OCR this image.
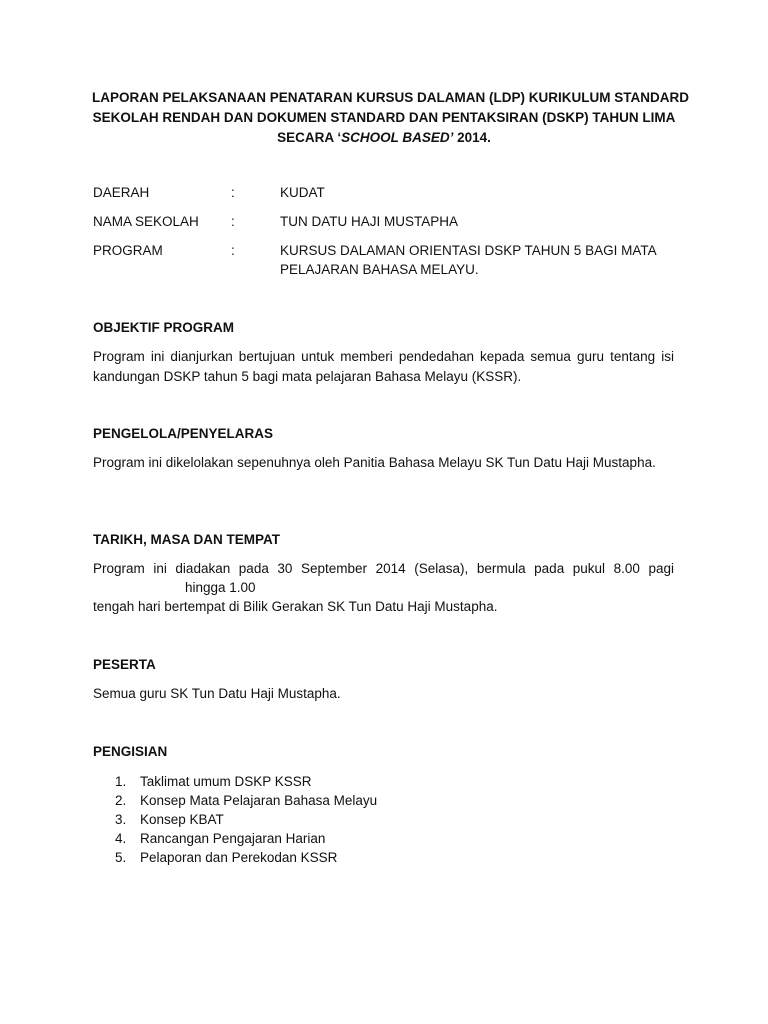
LAPORAN PELAKSANAAN PENATARAN KURSUS DALAMAN (LDP) KURIKULUM STANDARD
SEKOLAH RENDAH DAN DOKUMEN STANDARD DAN PENTAKSIRAN (DSKP) TAHUN LIMA
SECARA ‘SCHOOL BASED’ 2014.
DAERAH	:	KUDAT
NAMA SEKOLAH :	TUN DATU HAJI MUSTAPHA
PROGRAM	:	KURSUS DALAMAN ORIENTASI DSKP TAHUN 5 BAGI MATA PELAJARAN BAHASA MELAYU.
OBJEKTIF PROGRAM
Program ini dianjurkan bertujuan untuk memberi pendedahan kepada semua guru tentang isi kandungan DSKP tahun 5 bagi mata pelajaran Bahasa Melayu (KSSR).
PENGELOLA/PENYELARAS
Program ini dikelolakan sepenuhnya oleh Panitia Bahasa Melayu SK Tun Datu Haji Mustapha.
TARIKH, MASA DAN TEMPAT
Program ini diadakan pada 30 September 2014 (Selasa), bermula pada pukul 8.00 pagi
hingga 1.00
tengah hari bertempat di Bilik Gerakan SK Tun Datu Haji Mustapha.
PESERTA
Semua guru SK Tun Datu Haji Mustapha.
PENGISIAN
1. Taklimat umum DSKP KSSR
2. Konsep Mata Pelajaran Bahasa Melayu
3. Konsep KBAT
4. Rancangan Pengajaran Harian
5. Pelaporan dan Perekodan KSSR
